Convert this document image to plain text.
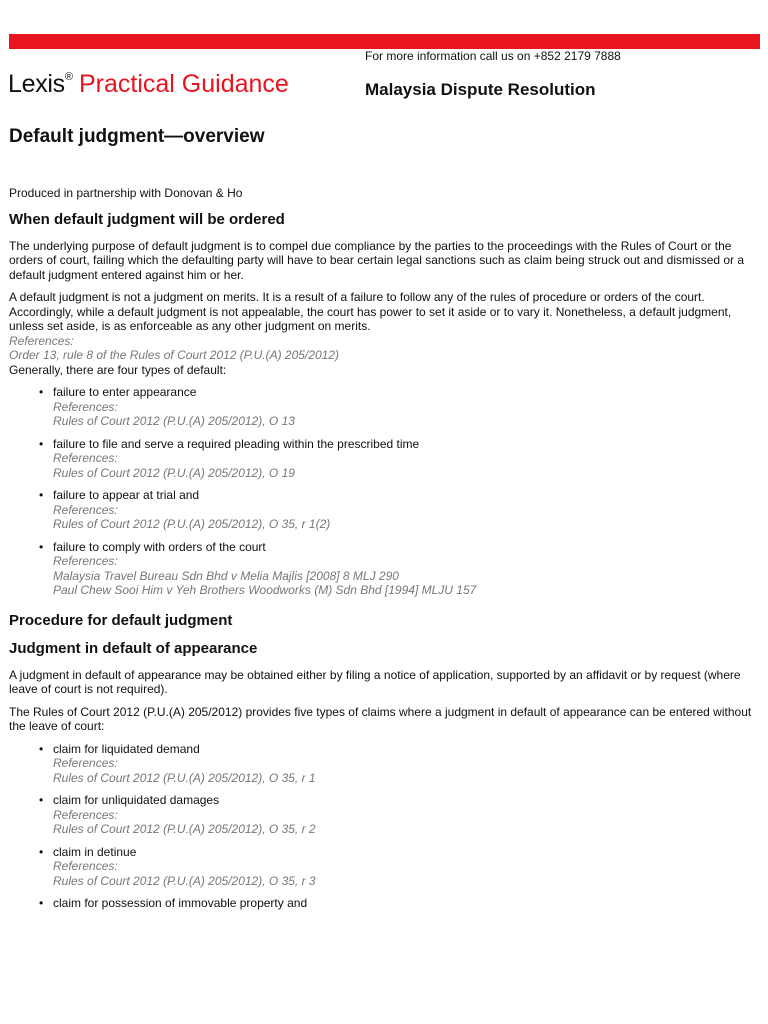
Lexis® Practical Guidance
For more information call us on +852 2179 7888
Malaysia Dispute Resolution
Default judgment—overview

Produced in partnership with Donovan & Ho

When default judgment will be ordered

The underlying purpose of default judgment is to compel due compliance by the parties to the proceedings with the Rules of Court or the orders of court, failing which the defaulting party will have to bear certain legal sanctions such as claim being struck out and dismissed or a default judgment entered against him or her.

A default judgment is not a judgment on merits. It is a result of a failure to follow any of the rules of procedure or orders of the court. Accordingly, while a default judgment is not appealable, the court has power to set it aside or to vary it. Nonetheless, a default judgment, unless set aside, is as enforceable as any other judgment on merits.

References:

Order 13, rule 8 of the Rules of Court 2012 (P.U.(A) 205/2012)

Generally, there are four types of default:

• failure to enter appearance
References:
Rules of Court 2012 (P.U.(A) 205/2012), O 13
• failure to file and serve a required pleading within the prescribed time
References:
Rules of Court 2012 (P.U.(A) 205/2012), O 19
• failure to appear at trial and
References:
Rules of Court 2012 (P.U.(A) 205/2012), O 35, r 1(2)
• failure to comply with orders of the court
References:
Malaysia Travel Bureau Sdn Bhd v Melia Majlis [2008] 8 MLJ 290
Paul Chew Sooi Him v Yeh Brothers Woodworks (M) Sdn Bhd [1994] MLJU 157
Procedure for default judgment
Judgment in default of appearance

A judgment in default of appearance may be obtained either by filing a notice of application, supported by an affidavit or by request (where leave of court is not required).

The Rules of Court 2012 (P.U.(A) 205/2012) provides five types of claims where a judgment in default of appearance can be entered without the leave of court:

• claim for liquidated demand
References:
Rules of Court 2012 (P.U.(A) 205/2012), O 35, r 1
• claim for unliquidated damages
References:
Rules of Court 2012 (P.U.(A) 205/2012), O 35, r 2
• claim in detinue
References:
Rules of Court 2012 (P.U.(A) 205/2012), O 35, r 3
• claim for possession of immovable property and
